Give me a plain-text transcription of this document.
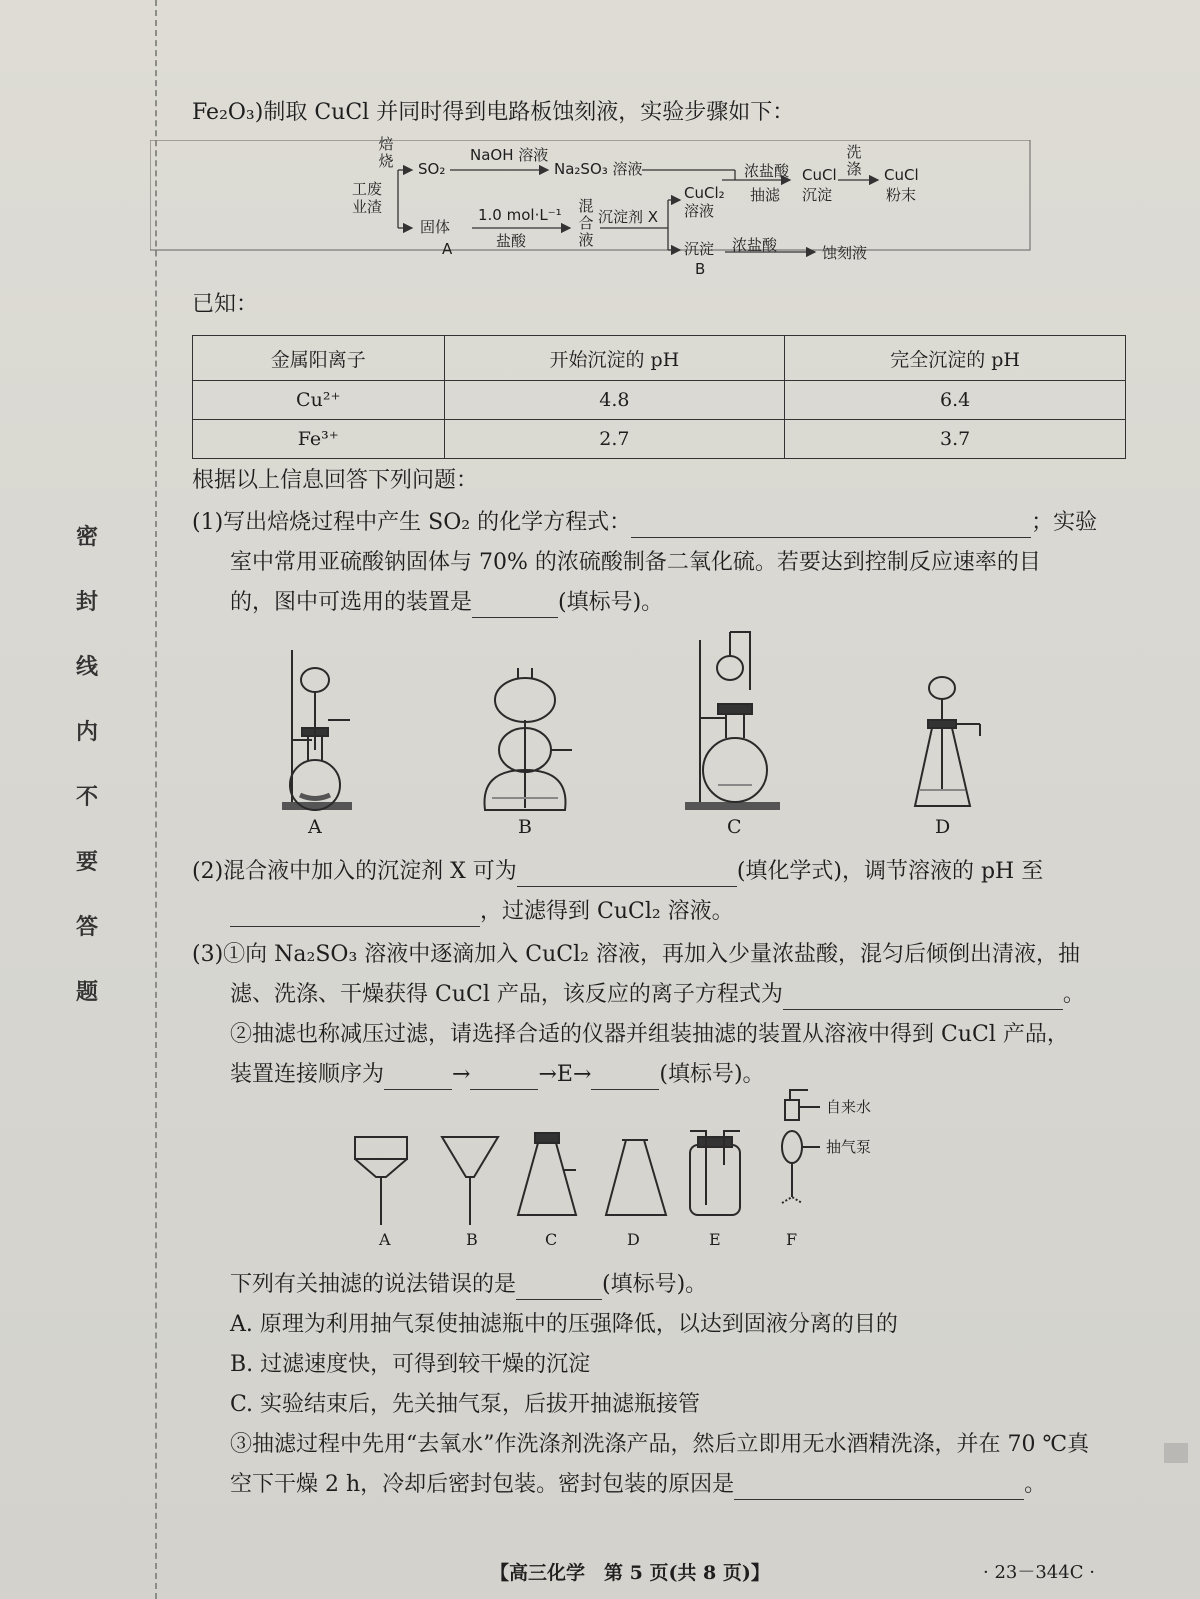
密
封
线
内
不
要
答
题
Fe₂O₃)制取 CuCl 并同时得到电路板蚀刻液，实验步骤如下：
工废业渣
焙烧 SO₂
NaOH 溶液
Na₂SO₃ 溶液
固体
A
1.0 mol·L⁻¹
盐酸
混合液
沉淀剂 X
CuCl₂
溶液
沉淀
B
浓盐酸
抽滤
CuCl
沉淀
洗涤 CuCl
粉末
浓盐酸	蚀刻液
已知：
金属阳离子	开始沉淀的 pH	完全沉淀的 pH
Cu²⁺	4.8	6.4
Fe³⁺	2.7	3.7
根据以上信息回答下列问题：
(1)写出焙烧过程中产生 SO₂ 的化学方程式：	；实验
室中常用亚硫酸钠固体与 70% 的浓硫酸制备二氧化硫。若要达到控制反应速率的目
的，图中可选用的装置是	(填标号)。
A	B	C	D
(2)混合液中加入的沉淀剂 X 可为	(填化学式)，调节溶液的 pH 至
，过滤得到 CuCl₂ 溶液。
(3)①向 Na₂SO₃ 溶液中逐滴加入 CuCl₂ 溶液，再加入少量浓盐酸，混匀后倾倒出清液，抽
滤、洗涤、干燥获得 CuCl 产品，该反应的离子方程式为	。
②抽滤也称减压过滤，请选择合适的仪器并组装抽滤的装置从溶液中得到 CuCl 产品，
装置连接顺序为	→	→E→	(填标号)。
A	B	C	D	E	F
自来水
抽气泵
下列有关抽滤的说法错误的是	(填标号)。
A. 原理为利用抽气泵使抽滤瓶中的压强降低，以达到固液分离的目的
B. 过滤速度快，可得到较干燥的沉淀
C. 实验结束后，先关抽气泵，后拔开抽滤瓶接管
③抽滤过程中先用“去氧水”作洗涤剂洗涤产品，然后立即用无水酒精洗涤，并在 70 ℃真
空下干燥 2 h，冷却后密封包装。密封包装的原因是	。
【高三化学　第 5 页(共 8 页)】	· 23－344C ·
